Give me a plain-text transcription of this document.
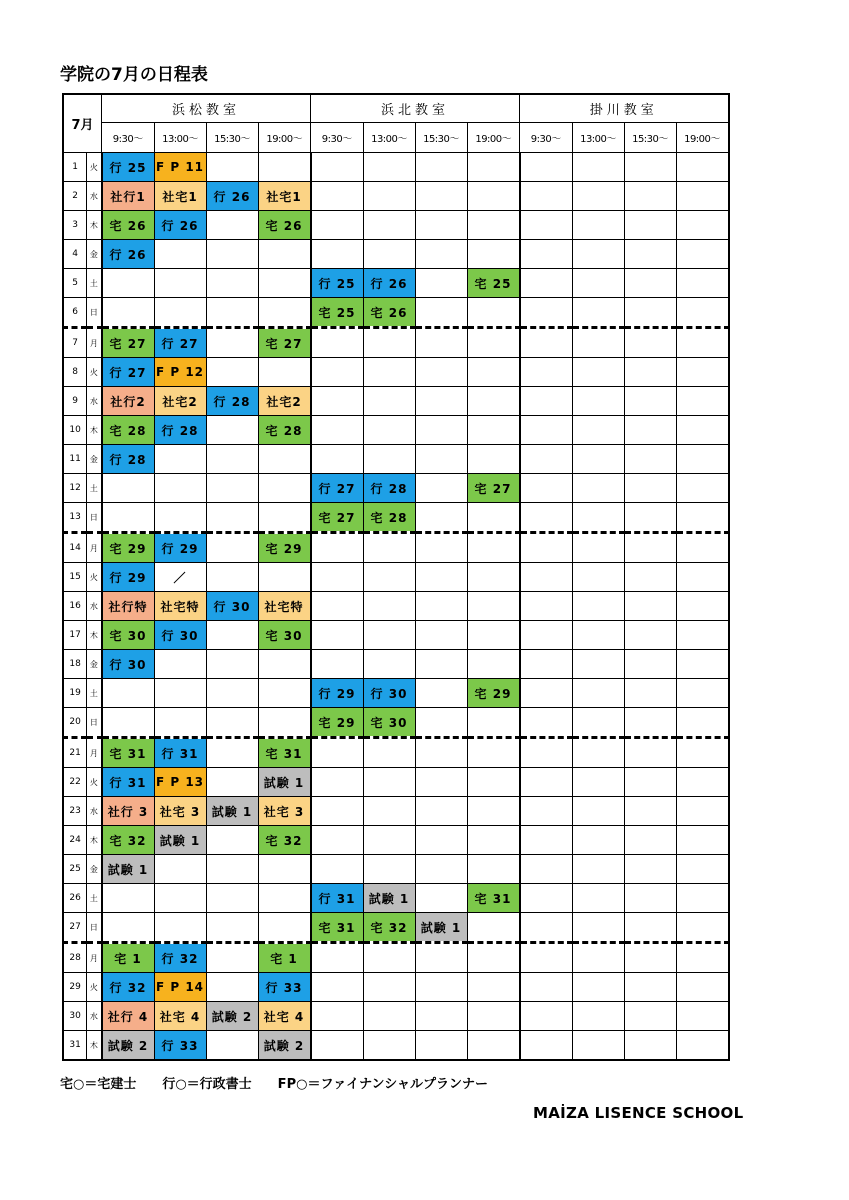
学院の7月の日程表
7月		浜松教室				浜北教室				掛川教室			
		9:30〜	13:00〜	15:30〜	19:00〜	9:30〜	13:00〜	15:30〜	19:00〜	9:30〜	13:00〜	15:30〜	19:00〜
1	火	行 25	F P 11										
2	水	社行1	社宅1	行 26	社宅1								
3	木	宅 26	行 26		宅 26								
4	金	行 26											
5	土					行 25	行 26		宅 25				
6	日					宅 25	宅 26						
7	月	宅 27	行 27		宅 27								
8	火	行 27	F P 12										
9	水	社行2	社宅2	行 28	社宅2								
10	木	宅 28	行 28		宅 28								
11	金	行 28											
12	土					行 27	行 28		宅 27				
13	日					宅 27	宅 28						
14	月	宅 29	行 29		宅 29								
15	火	行 29	／										
16	水	社行特	社宅特	行 30	社宅特								
17	木	宅 30	行 30		宅 30								
18	金	行 30											
19	土					行 29	行 30		宅 29				
20	日					宅 29	宅 30						
21	月	宅 31	行 31		宅 31								
22	火	行 31	F P 13		試験 1								
23	水	社行 3	社宅 3	試験 1	社宅 3								
24	木	宅 32	試験 1		宅 32								
25	金	試験 1											
26	土					行 31	試験 1		宅 31				
27	日					宅 31	宅 32	試験 1					
28	月	宅 1	行 32		宅 1								
29	火	行 32	F P 14		行 33								
30	水	社行 4	社宅 4	試験 2	社宅 4								
31	木	試験 2	行 33		試験 2								
宅○＝宅建士　　行○＝行政書士　　FP○＝ファイナンシャルプランナー
MAİZA LISENCE SCHOOL
